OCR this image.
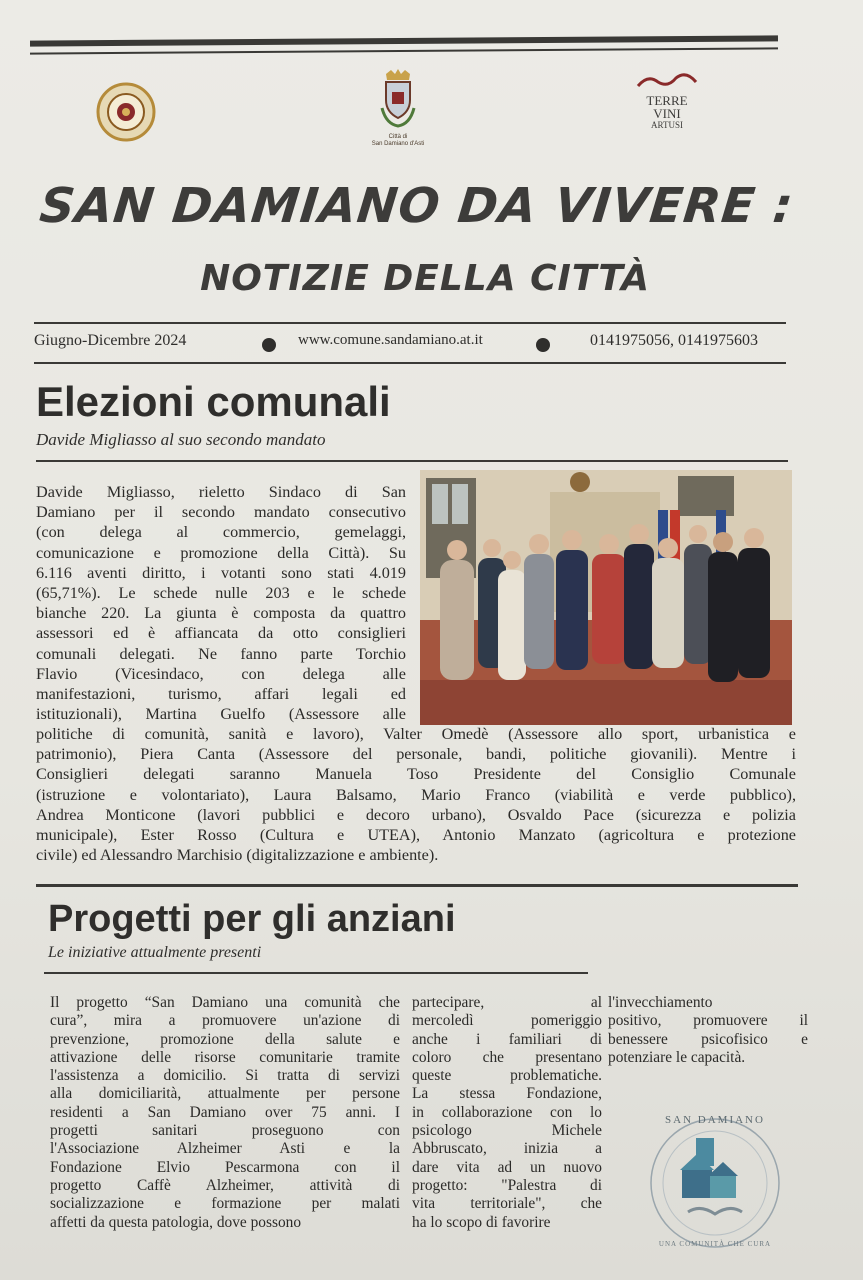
Città di
San Damiano d'Asti
TERRE
VINI
ARTUSI
SAN DAMIANO DA VIVERE :
NOTIZIE DELLA CITTÀ
Giugno-Dicembre 2024	www.comune.sandamiano.at.it	0141975056, 0141975603
Elezioni comunali
Davide Migliasso al suo secondo mandato
Davide Migliasso, rieletto Sindaco di San
Damiano per il secondo mandato consecutivo
(con delega al commercio, gemelaggi,
comunicazione e promozione della Città). Su
6.116 aventi diritto, i votanti sono stati 4.019
(65,71%). Le schede nulle 203 e le schede
bianche 220. La giunta è composta da quattro
assessori ed è affiancata da otto consiglieri
comunali delegati. Ne fanno parte Torchio
Flavio (Vicesindaco, con delega alle
manifestazioni, turismo, affari legali ed
istituzionali), Martina Guelfo (Assessore alle
politiche di comunità, sanità e lavoro), Valter Omedè (Assessore allo sport, urbanistica e
patrimonio), Piera Canta (Assessore del personale, bandi, politiche giovanili). Mentre i
Consiglieri delegati saranno Manuela Toso Presidente del Consiglio Comunale
(istruzione e volontariato), Laura Balsamo, Mario Franco (viabilità e verde pubblico),
Andrea Monticone (lavori pubblici e decoro urbano), Osvaldo Pace (sicurezza e polizia
municipale), Ester Rosso (Cultura e UTEA), Antonio Manzato (agricoltura e protezione
civile) ed Alessandro Marchisio (digitalizzazione e ambiente).
Progetti per gli anziani
Le iniziative attualmente presenti
Il progetto “San Damiano una comunità che
cura”, mira a promuovere un'azione di
prevenzione, promozione della salute e
attivazione delle risorse comunitarie tramite
l'assistenza a domicilio. Si tratta di servizi
alla domiciliarità, attualmente per persone
residenti a San Damiano over 75 anni. I
progetti sanitari proseguono con
l'Associazione Alzheimer Asti e la
Fondazione Elvio Pescarmona con il
progetto Caffè Alzheimer, attività di
socializzazione e formazione per malati
affetti da questa patologia, dove possono
partecipare,	al
mercoledì pomeriggio
anche i familiari di
coloro che presentano
queste problematiche.
La stessa Fondazione,
in collaborazione con lo
psicologo Michele
Abbruscato, inizia a
dare vita ad un nuovo
progetto: "Palestra di
vita territoriale", che
ha lo scopo di favorire
l'invecchiamento
positivo, promuovere il
benessere psicofisico e
potenziare le capacità.
SAN DAMIANO
UNA COMUNITÀ CHE CURA
